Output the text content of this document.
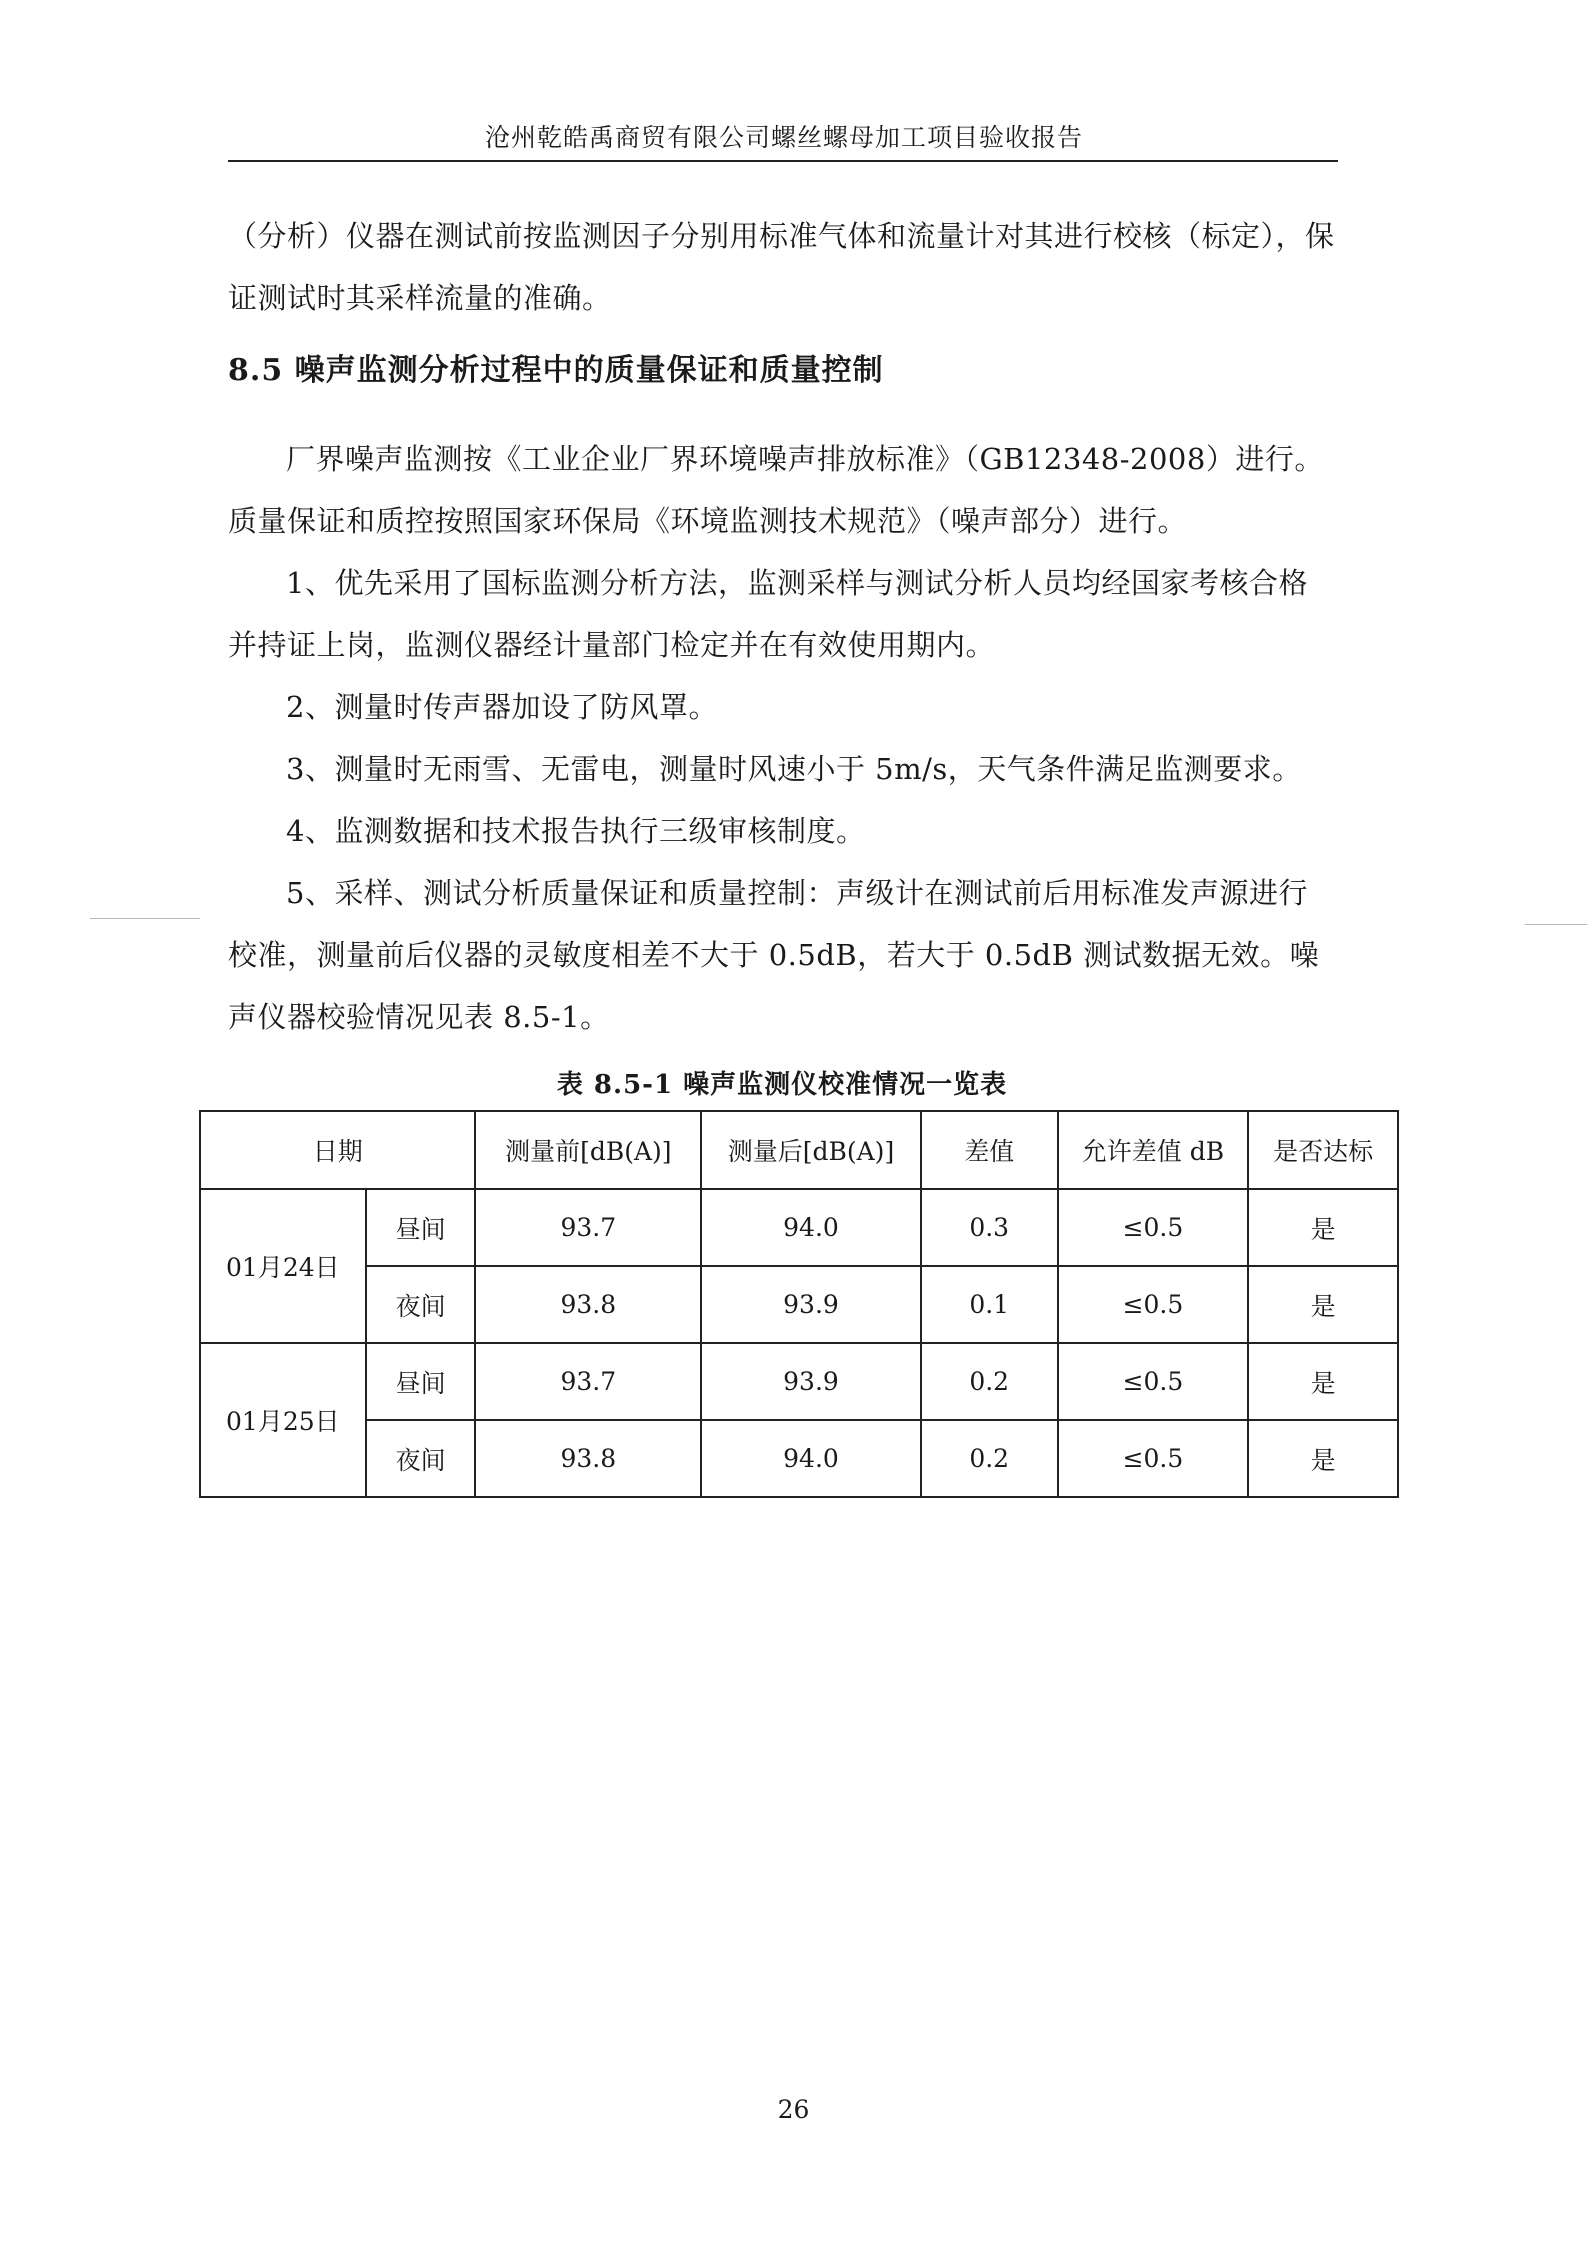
沧州乾皓禹商贸有限公司螺丝螺母加工项目验收报告

（分析）仪器在测试前按监测因子分别用标准气体和流量计对其进行校核（标定），保证测试时其采样流量的准确。

8.5 噪声监测分析过程中的质量保证和质量控制

厂界噪声监测按《工业企业厂界环境噪声排放标准》（GB12348-2008）进行。质量保证和质控按照国家环保局《环境监测技术规范》（噪声部分）进行。

1、优先采用了国标监测分析方法，监测采样与测试分析人员均经国家考核合格并持证上岗，监测仪器经计量部门检定并在有效使用期内。

2、测量时传声器加设了防风罩。

3、测量时无雨雪、无雷电，测量时风速小于 5m/s，天气条件满足监测要求。

4、监测数据和技术报告执行三级审核制度。

5、采样、测试分析质量保证和质量控制：声级计在测试前后用标准发声源进行校准，测量前后仪器的灵敏度相差不大于 0.5dB，若大于 0.5dB 测试数据无效。噪声仪器校验情况见表 8.5-1。

表 8.5-1 噪声监测仪校准情况一览表
日期		测量前[dB(A)]	测量后[dB(A)]	差值	允许差值 dB	是否达标
01月24日	昼间	93.7	94.0	0.3	≤0.5	是
	夜间	93.8	93.9	0.1	≤0.5	是
01月25日	昼间	93.7	93.9	0.2	≤0.5	是
	夜间	93.8	94.0	0.2	≤0.5	是
26
